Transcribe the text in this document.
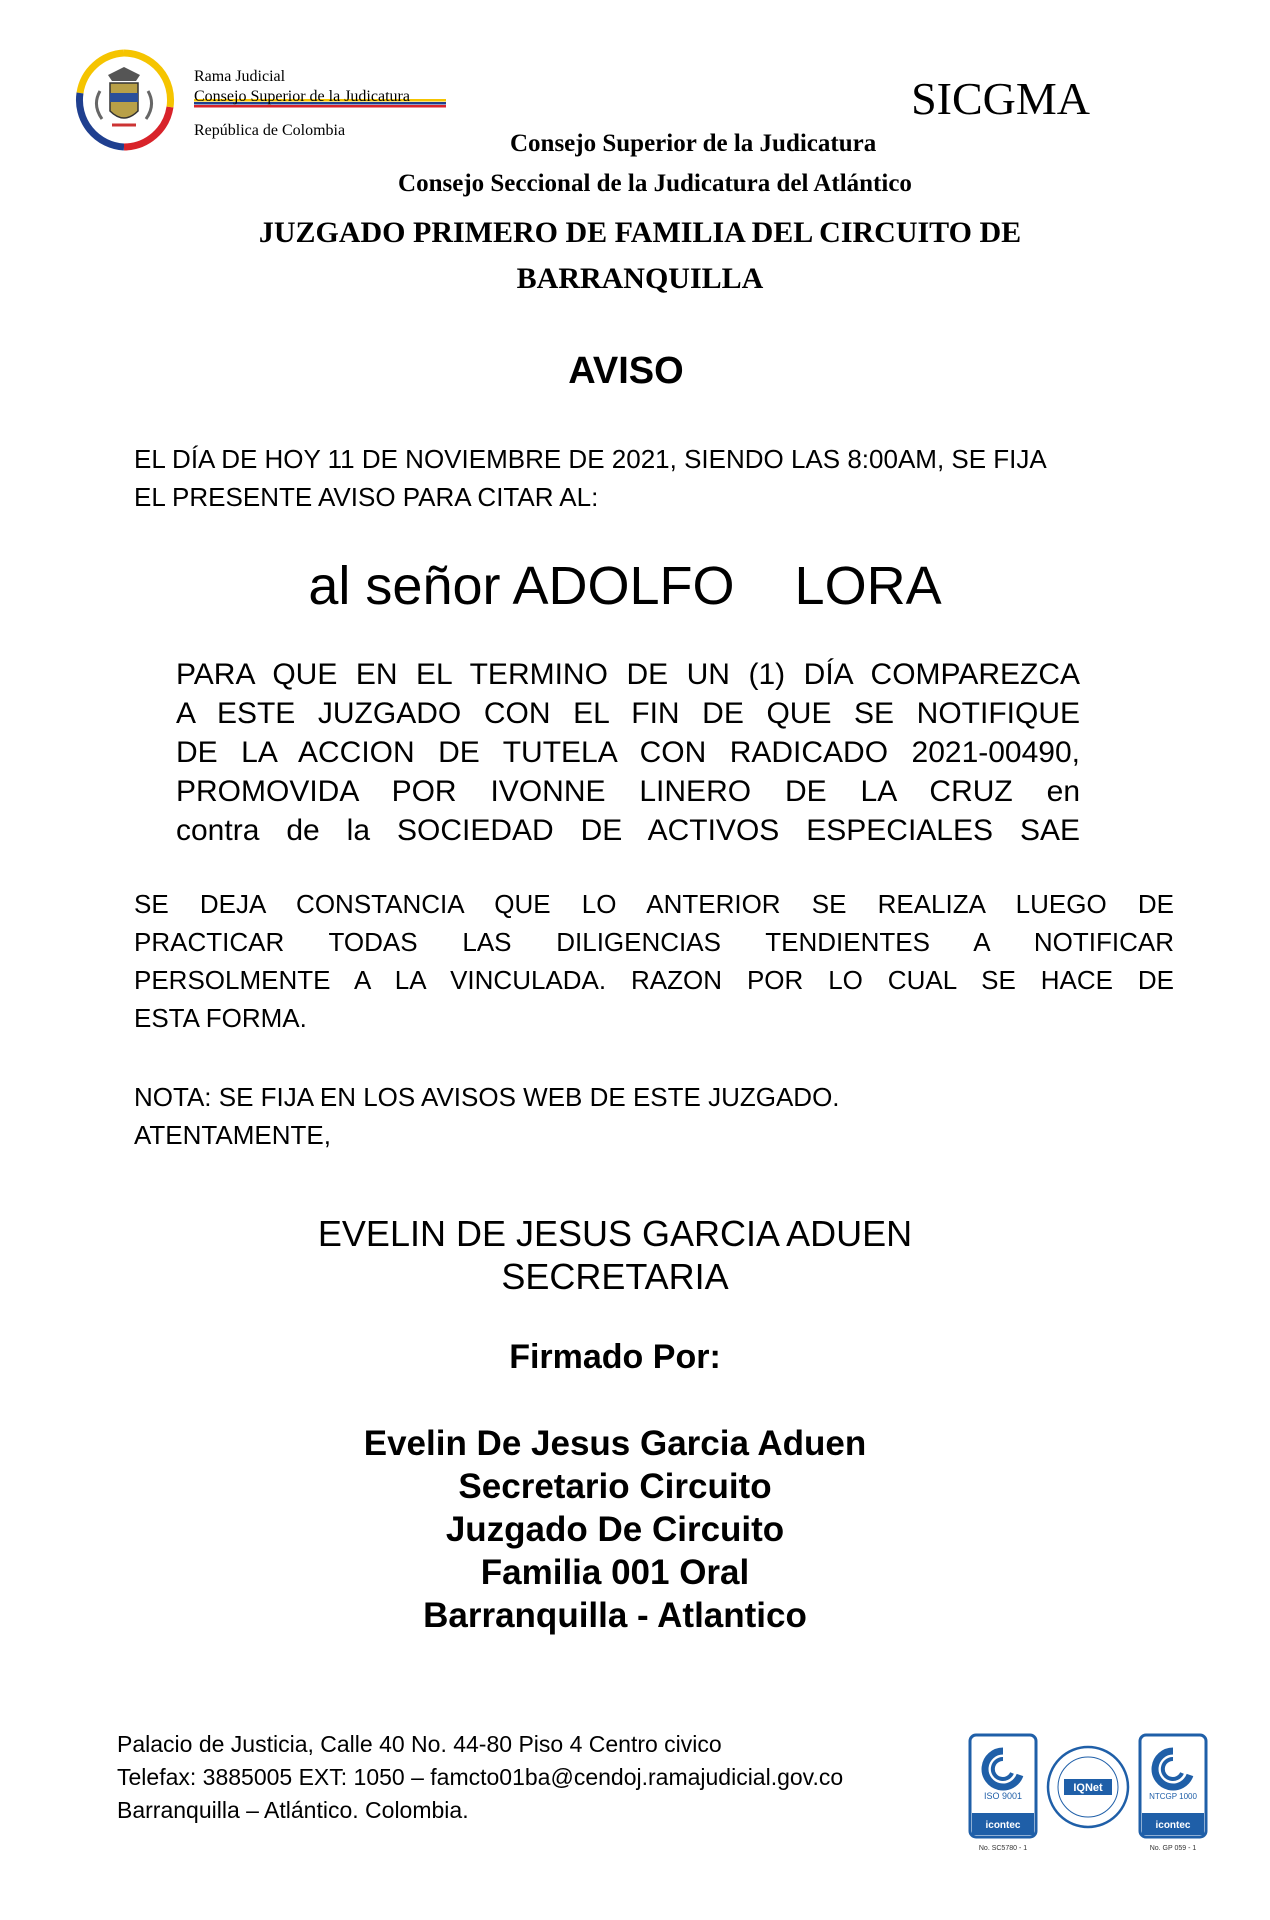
Rama Judicial
Consejo Superior de la Judicatura
República de Colombia
SICGMA
Consejo Superior de la Judicatura
Consejo Seccional de la Judicatura del Atlántico
JUZGADO PRIMERO DE FAMILIA DEL CIRCUITO DE
BARRANQUILLA
AVISO
EL DÍA DE HOY 11 DE NOVIEMBRE DE 2021, SIENDO LAS 8:00AM, SE FIJA
EL PRESENTE AVISO PARA CITAR AL:
al señor ADOLFO    LORA
PARA QUE EN EL TERMINO DE UN (1) DÍA COMPAREZCA
A ESTE JUZGADO CON EL FIN DE QUE SE NOTIFIQUE
DE LA ACCION DE TUTELA CON RADICADO 2021-00490,
PROMOVIDA POR IVONNE LINERO DE LA CRUZ en
contra de la SOCIEDAD DE ACTIVOS ESPECIALES SAE
SE DEJA CONSTANCIA QUE LO ANTERIOR SE REALIZA LUEGO DE
PRACTICAR TODAS LAS DILIGENCIAS TENDIENTES A NOTIFICAR
PERSOLMENTE A LA VINCULADA. RAZON POR LO CUAL SE HACE DE
ESTA FORMA.
NOTA: SE FIJA EN LOS AVISOS WEB DE ESTE JUZGADO.
ATENTAMENTE,
EVELIN DE JESUS GARCIA ADUEN
SECRETARIA
Firmado Por:
Evelin De Jesus Garcia Aduen
Secretario Circuito
Juzgado De Circuito
Familia 001 Oral
Barranquilla - Atlantico
Palacio de Justicia, Calle 40 No. 44-80 Piso 4 Centro civico
Telefax: 3885005 EXT: 1050 – famcto01ba@cendoj.ramajudicial.gov.co
Barranquilla – Atlántico. Colombia.
ISO 9001
icontec
No. SC5780 - 1
IQNet
NTCGP 1000
icontec
No. GP 059 - 1
